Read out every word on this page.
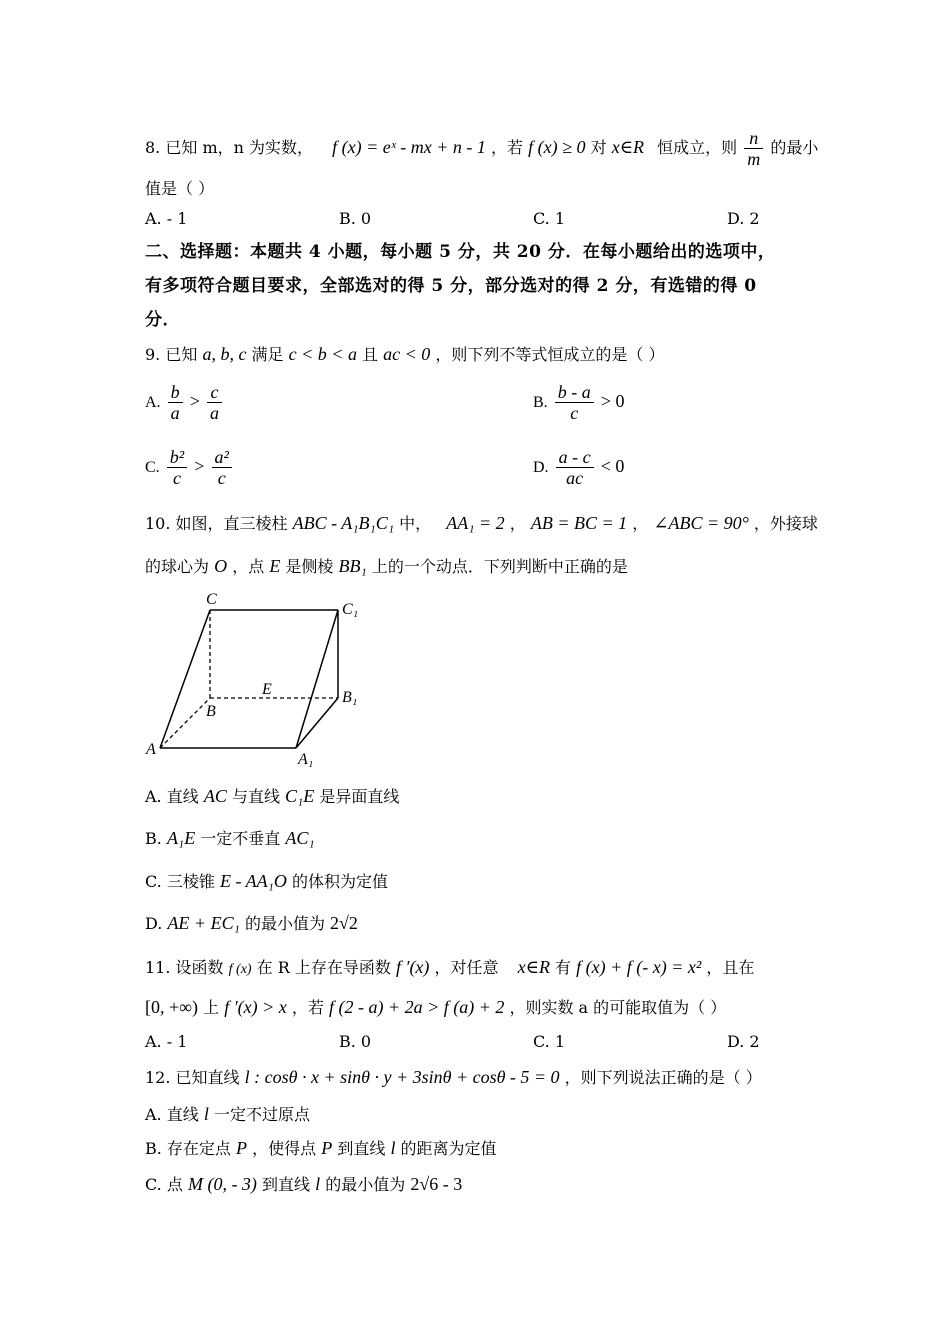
8. 已知 m，n 为实数， f (x) = eˣ - mx + n - 1 ，若 f (x) ≥ 0 对 x∈R 恒成立，则 $\frac{n}{m}$ 的最小
值是（ ）
A. - 1	B. 0	C. 1	D. 2
二、选择题：本题共 4 小题，每小题 5 分，共 20 分．在每小题给出的选项中，
有多项符合题目要求，全部选对的得 5 分，部分选对的得 2 分，有选错的得 0
分．
9. 已知 a, b, c 满足 c < b < a 且 ac < 0 ，则下列不等式恒成立的是（ ）
A. $\frac{b}{a} > \frac{c}{a}$	B. $\frac{b - a}{c} > 0$
C. $\frac{\text{b²}}{c} > \frac{\text{a²}}{c}$	D. $\frac{a - c}{ac} < 0$
10. 如图，直三棱柱 ABC - A₁B₁C₁ 中， AA₁ = 2 ， AB = BC = 1 ， ∠ABC = 90° ，外接球
的球心为 O ，点 E 是侧棱 BB₁ 上的一个动点．下列判断中正确的是
C
C₁
E
B
B₁
A
A₁
A. 直线 AC 与直线 C₁E 是异面直线
B. A₁E 一定不垂直 AC₁
C. 三棱锥 E - AA₁O 的体积为定值
D. AE + EC₁ 的最小值为 2√2
11. 设函数 f (x) 在 R 上存在导函数 f ′(x) ，对任意 x∈R 有 f (x) + f (- x) = x² ，且在
[0, +∞) 上 f ′(x) > x ，若 f (2 - a) + 2a > f (a) + 2 ，则实数 a 的可能取值为（ ）
A. - 1	B. 0	C. 1	D. 2
12. 已知直线 l : cosθ · x + sinθ · y + 3sinθ + cosθ - 5 = 0 ，则下列说法正确的是（ ）
A. 直线 l 一定不过原点
B. 存在定点 P ，使得点 P 到直线 l 的距离为定值
C. 点 M (0, - 3) 到直线 l 的最小值为 2√6 - 3
